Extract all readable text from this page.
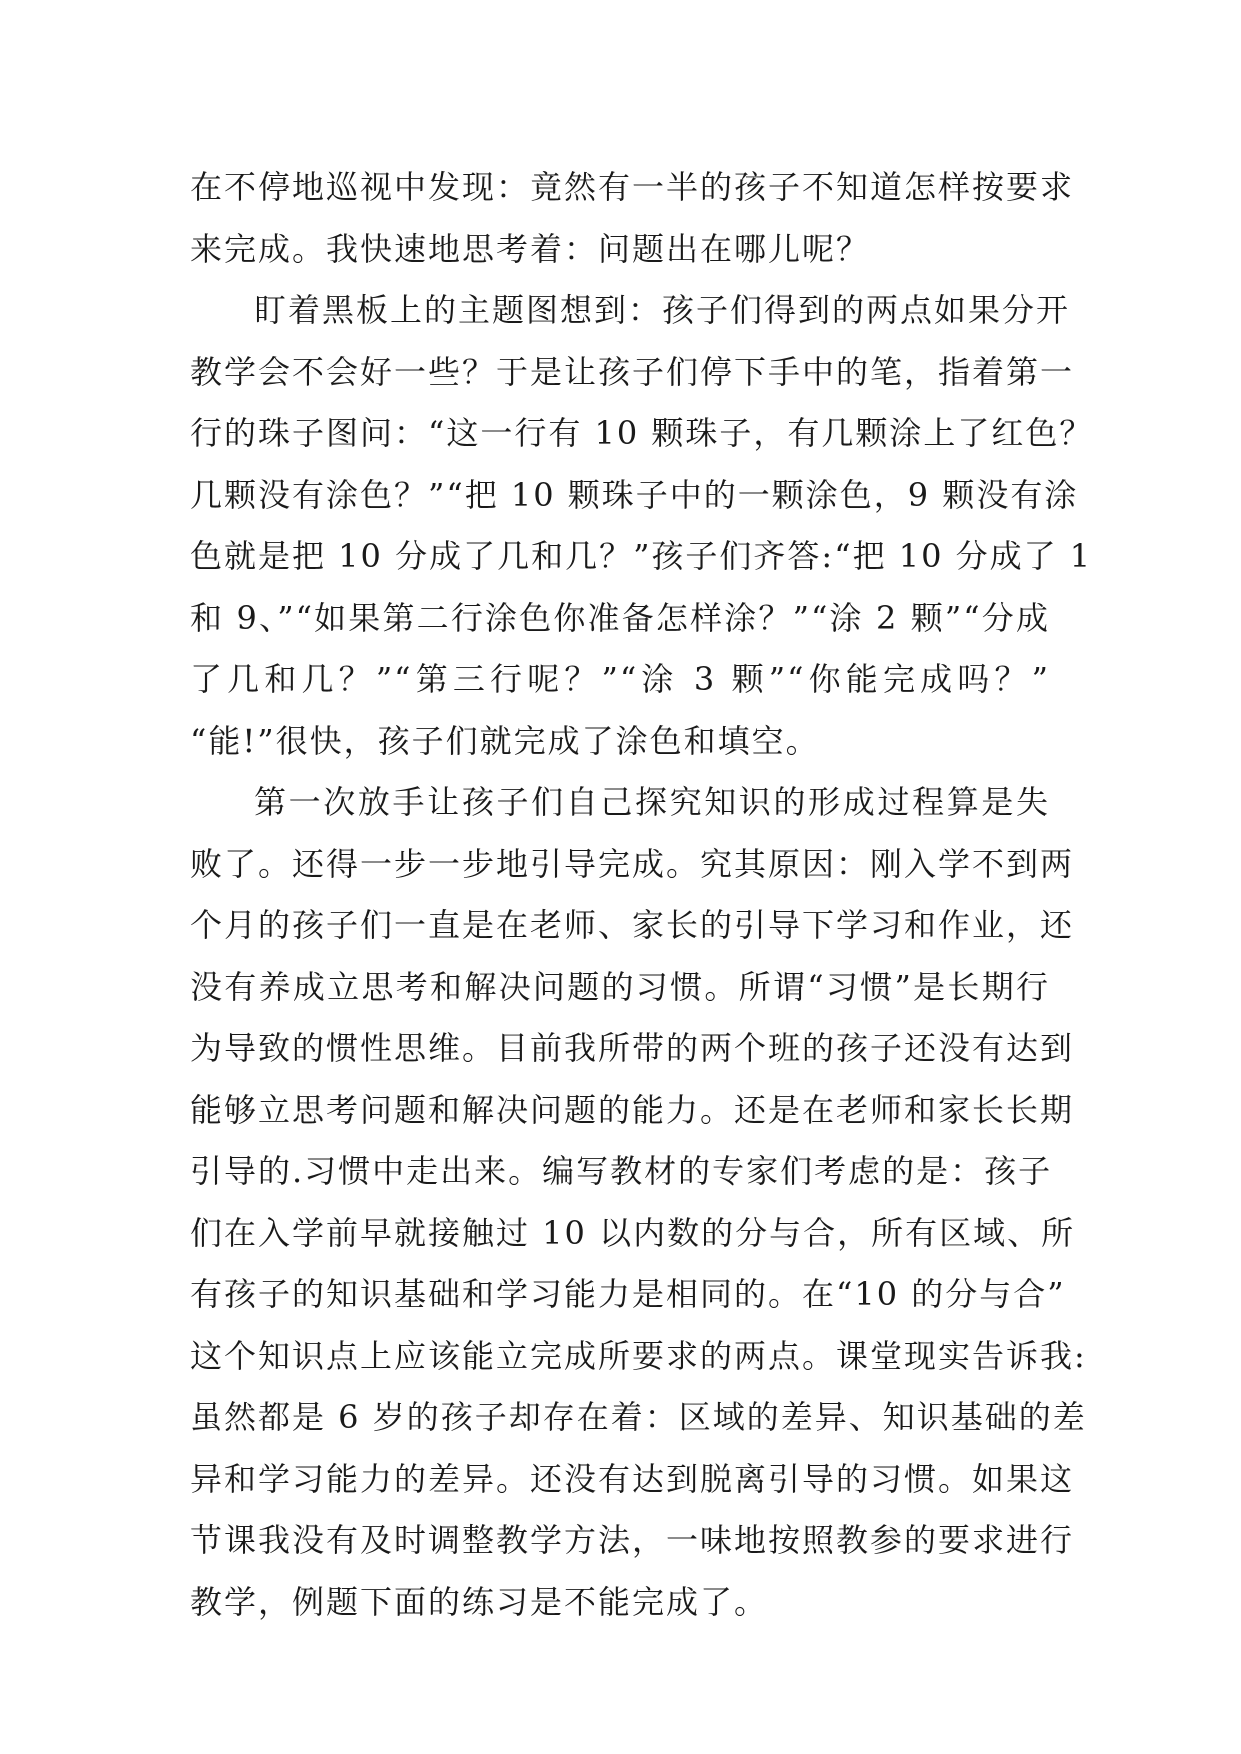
在不停地巡视中发现：竟然有一半的孩子不知道怎样按要求
来完成。我快速地思考着：问题出在哪儿呢？
盯着黑板上的主题图想到：孩子们得到的两点如果分开
教学会不会好一些？于是让孩子们停下手中的笔，指着第一
行的珠子图问：“这一行有 10 颗珠子，有几颗涂上了红色？
几颗没有涂色？”“把 10 颗珠子中的一颗涂色，9 颗没有涂
色就是把 10 分成了几和几？”孩子们齐答:“把 10 分成了 1
和 9、”“如果第二行涂色你准备怎样涂？”“涂 2 颗”“分成
了几和几？”“第三行呢？”“涂 3 颗”“你能完成吗？”
“能!”很快，孩子们就完成了涂色和填空。
第一次放手让孩子们自己探究知识的形成过程算是失
败了。还得一步一步地引导完成。究其原因：刚入学不到两
个月的孩子们一直是在老师、家长的引导下学习和作业，还
没有养成立思考和解决问题的习惯。所谓“习惯”是长期行
为导致的惯性思维。目前我所带的两个班的孩子还没有达到
能够立思考问题和解决问题的能力。还是在老师和家长长期
引导的.习惯中走出来。编写教材的专家们考虑的是：孩子
们在入学前早就接触过 10 以内数的分与合，所有区域、所
有孩子的知识基础和学习能力是相同的。在“10 的分与合”
这个知识点上应该能立完成所要求的两点。课堂现实告诉我:
虽然都是 6 岁的孩子却存在着：区域的差异、知识基础的差
异和学习能力的差异。还没有达到脱离引导的习惯。如果这
节课我没有及时调整教学方法，一味地按照教参的要求进行
教学，例题下面的练习是不能完成了。
